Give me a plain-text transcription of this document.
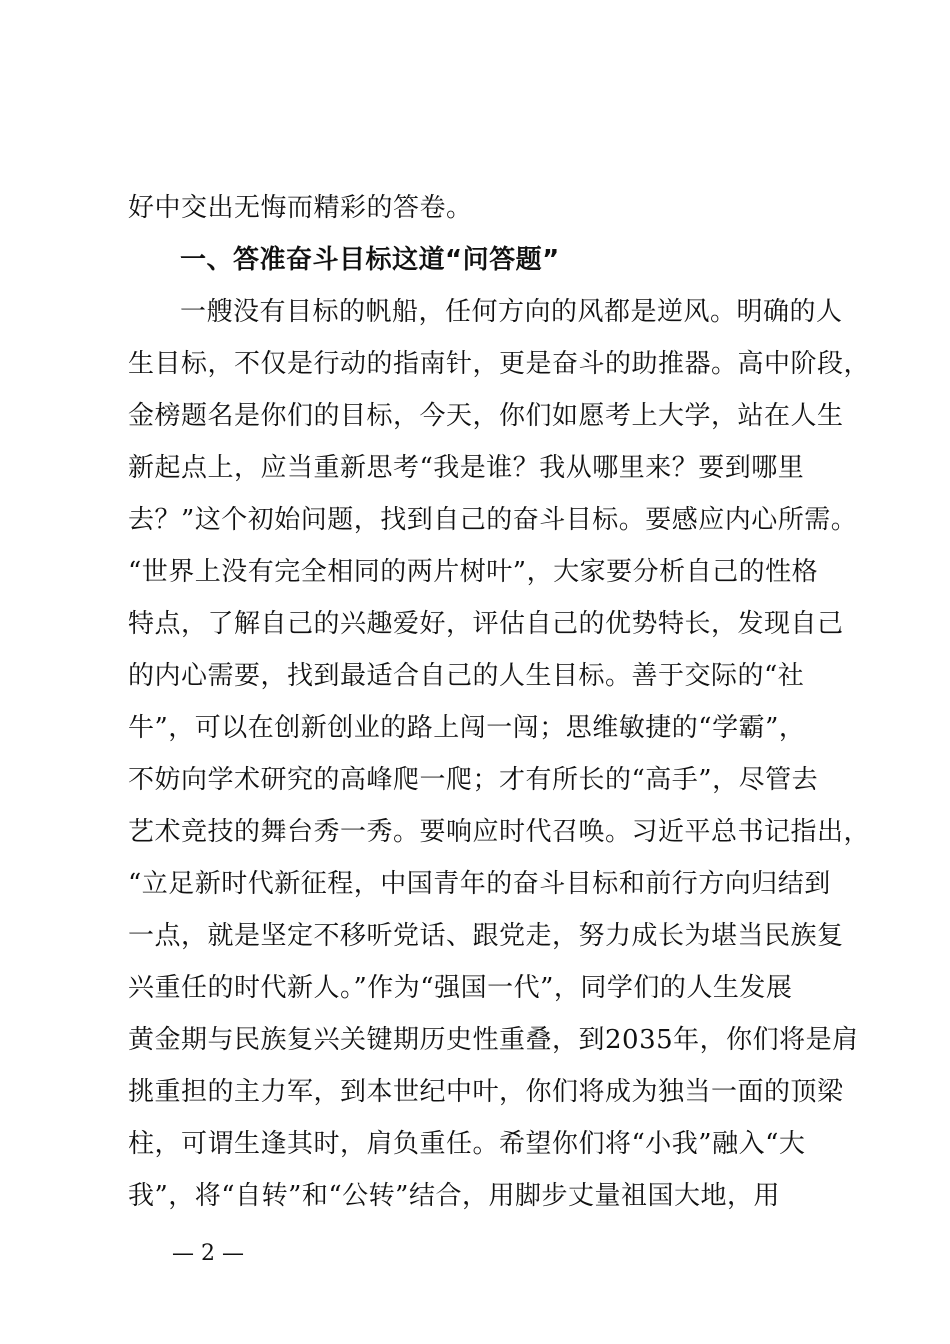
好中交出无悔而精彩的答卷。
一、答准奋斗目标这道“问答题”
一艘没有目标的帆船，任何方向的风都是逆风。明确的人
生目标，不仅是行动的指南针，更是奋斗的助推器。高中阶段，
金榜题名是你们的目标，今天，你们如愿考上大学，站在人生
新起点上，应当重新思考“我是谁？我从哪里来？要到哪里
去？”这个初始问题，找到自己的奋斗目标。要感应内心所需。
“世界上没有完全相同的两片树叶”，大家要分析自己的性格
特点，了解自己的兴趣爱好，评估自己的优势特长，发现自己
的内心需要，找到最适合自己的人生目标。善于交际的“社
牛”，可以在创新创业的路上闯一闯；思维敏捷的“学霸”，
不妨向学术研究的高峰爬一爬；才有所长的“高手”，尽管去
艺术竞技的舞台秀一秀。要响应时代召唤。习近平总书记指出，
“立足新时代新征程，中国青年的奋斗目标和前行方向归结到
一点，就是坚定不移听党话、跟党走，努力成长为堪当民族复
兴重任的时代新人。”作为“强国一代”，同学们的人生发展
黄金期与民族复兴关键期历史性重叠，到2035年，你们将是肩
挑重担的主力军，到本世纪中叶，你们将成为独当一面的顶梁
柱，可谓生逢其时，肩负重任。希望你们将“小我”融入“大
我”，将“自转”和“公转”结合，用脚步丈量祖国大地，用
— 2 —
